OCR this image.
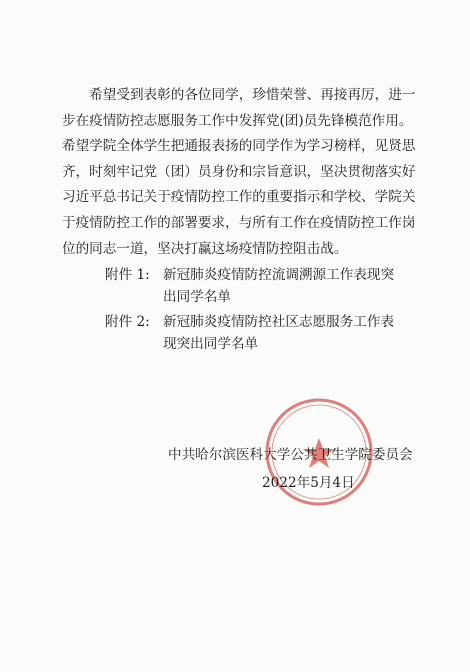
　　希望受到表彰的各位同学，珍惜荣誉、再接再厉，进一
步在疫情防控志愿服务工作中发挥党(团)员先锋模范作用。
希望学院全体学生把通报表扬的同学作为学习榜样，见贤思
齐，时刻牢记党（团）员身份和宗旨意识，坚决贯彻落实好
习近平总书记关于疫情防控工作的重要指示和学校、学院关
于疫情防控工作的部署要求，与所有工作在疫情防控工作岗
位的同志一道，坚决打赢这场疫情防控阻击战。
附件 1: 新冠肺炎疫情防控流调溯源工作表现突
出同学名单
附件 2: 新冠肺炎疫情防控社区志愿服务工作表
现突出同学名单
中共哈尔滨医科大学公共卫生学院委员会
2022年5月4日
